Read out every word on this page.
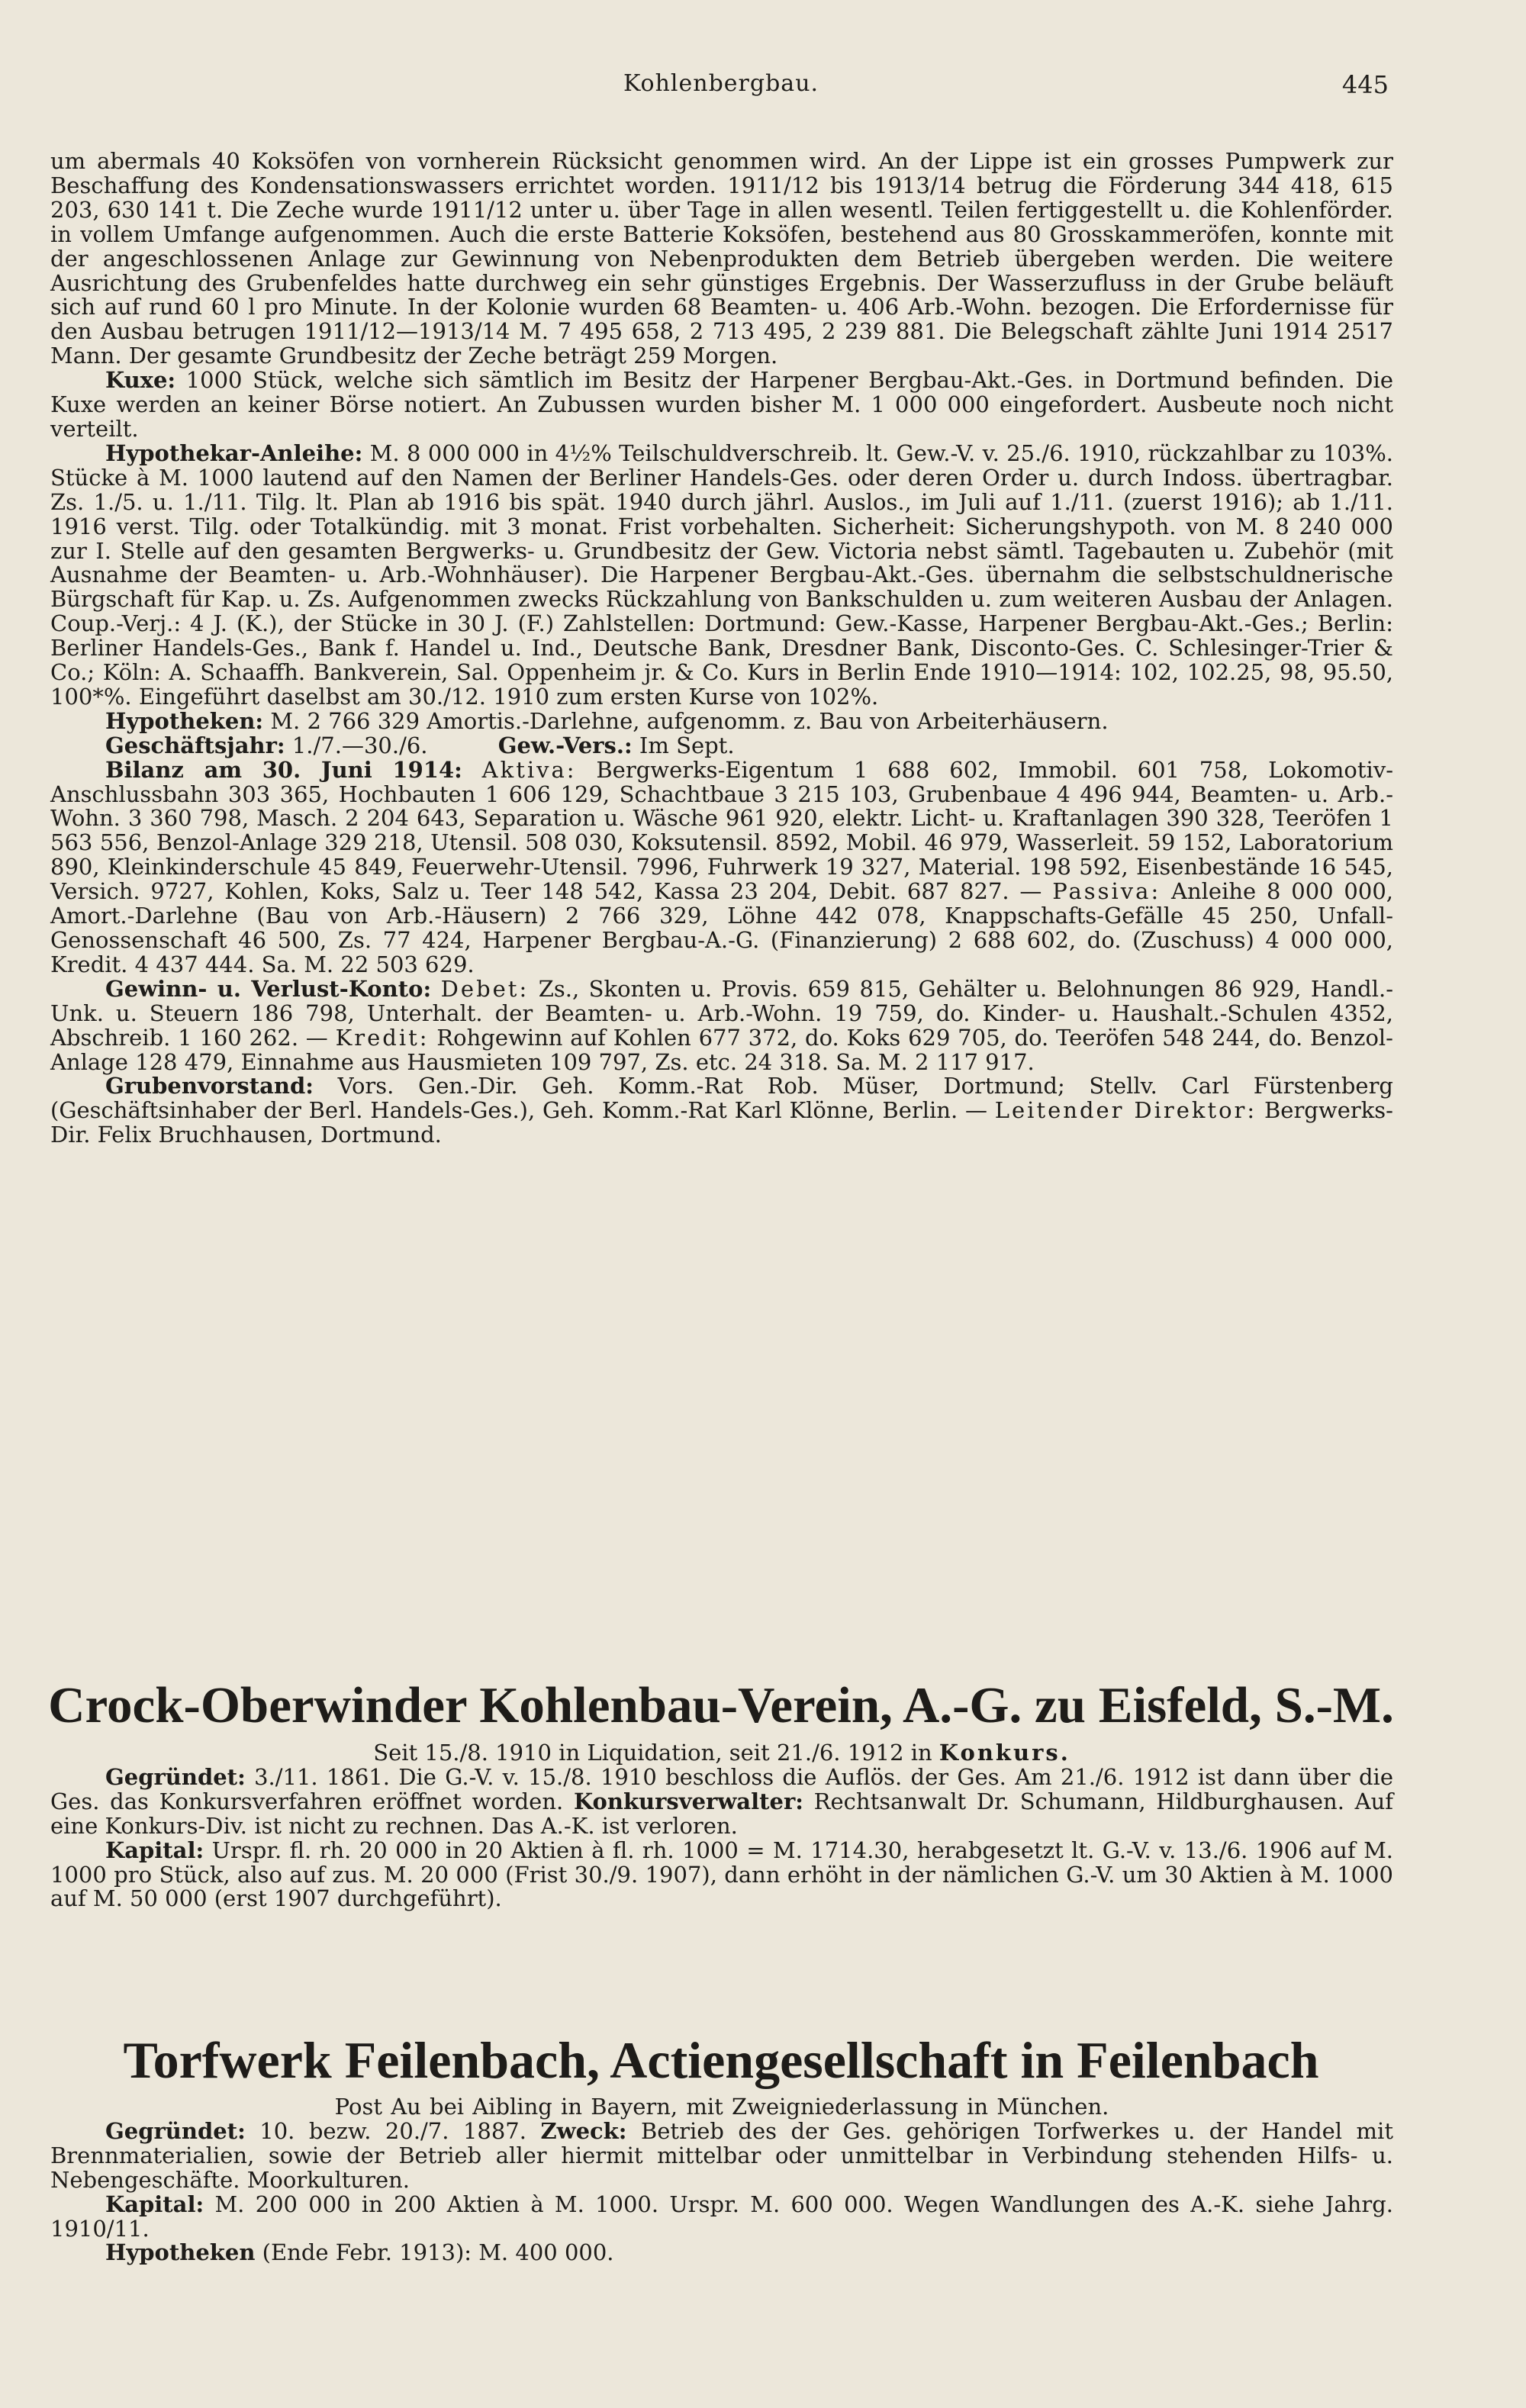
Kohlenbergbau.	445

um abermals 40 Koksöfen von vornherein Rücksicht genommen wird. An der Lippe ist ein grosses Pumpwerk zur Beschaffung des Kondensationswassers errichtet worden. 1911/12 bis 1913/14 betrug die Förderung 344 418, 615 203, 630 141 t. Die Zeche wurde 1911/12 unter u. über Tage in allen wesentl. Teilen fertiggestellt u. die Kohlenförder. in vollem Umfange aufgenommen. Auch die erste Batterie Koksöfen, bestehend aus 80 Grosskammeröfen, konnte mit der angeschlossenen Anlage zur Gewinnung von Nebenprodukten dem Betrieb übergeben werden. Die weitere Ausrichtung des Grubenfeldes hatte durchweg ein sehr günstiges Ergebnis. Der Wasserzufluss in der Grube beläuft sich auf rund 60 l pro Minute. In der Kolonie wurden 68 Beamten- u. 406 Arb.-Wohn. bezogen. Die Erfordernisse für den Ausbau betrugen 1911/12—1913/14 M. 7 495 658, 2 713 495, 2 239 881. Die Belegschaft zählte Juni 1914 2517 Mann. Der gesamte Grundbesitz der Zeche beträgt 259 Morgen.

Kuxe: 1000 Stück, welche sich sämtlich im Besitz der Harpener Bergbau-Akt.-Ges. in Dortmund befinden. Die Kuxe werden an keiner Börse notiert. An Zubussen wurden bisher M. 1 000 000 eingefordert. Ausbeute noch nicht verteilt.

Hypothekar-Anleihe: M. 8 000 000 in 4½% Teilschuldverschreib. lt. Gew.-V. v. 25./6. 1910, rückzahlbar zu 103%. Stücke à M. 1000 lautend auf den Namen der Berliner Handels-Ges. oder deren Order u. durch Indoss. übertragbar. Zs. 1./5. u. 1./11. Tilg. lt. Plan ab 1916 bis spät. 1940 durch jährl. Auslos., im Juli auf 1./11. (zuerst 1916); ab 1./11. 1916 verst. Tilg. oder Totalkündig. mit 3 monat. Frist vorbehalten. Sicherheit: Sicherungshypoth. von M. 8 240 000 zur I. Stelle auf den gesamten Bergwerks- u. Grundbesitz der Gew. Victoria nebst sämtl. Tagebauten u. Zubehör (mit Ausnahme der Beamten- u. Arb.-Wohnhäuser). Die Harpener Bergbau-Akt.-Ges. übernahm die selbstschuldnerische Bürgschaft für Kap. u. Zs. Aufgenommen zwecks Rückzahlung von Bankschulden u. zum weiteren Ausbau der Anlagen. Coup.-Verj.: 4 J. (K.), der Stücke in 30 J. (F.) Zahlstellen: Dortmund: Gew.-Kasse, Harpener Bergbau-Akt.-Ges.; Berlin: Berliner Handels-Ges., Bank f. Handel u. Ind., Deutsche Bank, Dresdner Bank, Disconto-Ges. C. Schlesinger-Trier & Co.; Köln: A. Schaaffh. Bankverein, Sal. Oppenheim jr. & Co. Kurs in Berlin Ende 1910—1914: 102, 102.25, 98, 95.50, 100*%. Eingeführt daselbst am 30./12. 1910 zum ersten Kurse von 102%.

Hypotheken: M. 2 766 329 Amortis.-Darlehne, aufgenomm. z. Bau von Arbeiterhäusern.

Geschäftsjahr: 1./7.—30./6.	Gew.-Vers.: Im Sept.

Bilanz am 30. Juni 1914: Aktiva: Bergwerks-Eigentum 1 688 602, Immobil. 601 758, Lokomotiv-Anschlussbahn 303 365, Hochbauten 1 606 129, Schachtbaue 3 215 103, Grubenbaue 4 496 944, Beamten- u. Arb.-Wohn. 3 360 798, Masch. 2 204 643, Separation u. Wäsche 961 920, elektr. Licht- u. Kraftanlagen 390 328, Teeröfen 1 563 556, Benzol-Anlage 329 218, Utensil. 508 030, Koksutensil. 8592, Mobil. 46 979, Wasserleit. 59 152, Laboratorium 890, Kleinkinderschule 45 849, Feuerwehr-Utensil. 7996, Fuhrwerk 19 327, Material. 198 592, Eisenbestände 16 545, Versich. 9727, Kohlen, Koks, Salz u. Teer 148 542, Kassa 23 204, Debit. 687 827. — Passiva: Anleihe 8 000 000, Amort.-Darlehne (Bau von Arb.-Häusern) 2 766 329, Löhne 442 078, Knappschafts-Gefälle 45 250, Unfall-Genossenschaft 46 500, Zs. 77 424, Harpener Bergbau-A.-G. (Finanzierung) 2 688 602, do. (Zuschuss) 4 000 000, Kredit. 4 437 444. Sa. M. 22 503 629.

Gewinn- u. Verlust-Konto: Debet: Zs., Skonten u. Provis. 659 815, Gehälter u. Belohnungen 86 929, Handl.-Unk. u. Steuern 186 798, Unterhalt. der Beamten- u. Arb.-Wohn. 19 759, do. Kinder- u. Haushalt.-Schulen 4352, Abschreib. 1 160 262. — Kredit: Rohgewinn auf Kohlen 677 372, do. Koks 629 705, do. Teeröfen 548 244, do. Benzol-Anlage 128 479, Einnahme aus Hausmieten 109 797, Zs. etc. 24 318. Sa. M. 2 117 917.

Grubenvorstand: Vors. Gen.-Dir. Geh. Komm.-Rat Rob. Müser, Dortmund; Stellv. Carl Fürstenberg (Geschäftsinhaber der Berl. Handels-Ges.), Geh. Komm.-Rat Karl Klönne, Berlin. — Leitender Direktor: Bergwerks-Dir. Felix Bruchhausen, Dortmund.

Crock-Oberwinder Kohlenbau-Verein, A.-G. zu Eisfeld, S.-M.

Seit 15./8. 1910 in Liquidation, seit 21./6. 1912 in Konkurs.

Gegründet: 3./11. 1861. Die G.-V. v. 15./8. 1910 beschloss die Auflös. der Ges. Am 21./6. 1912 ist dann über die Ges. das Konkursverfahren eröffnet worden. Konkursverwalter: Rechtsanwalt Dr. Schumann, Hildburghausen. Auf eine Konkurs-Div. ist nicht zu rechnen. Das A.-K. ist verloren.

Kapital: Urspr. fl. rh. 20 000 in 20 Aktien à fl. rh. 1000 = M. 1714.30, herabgesetzt lt. G.-V. v. 13./6. 1906 auf M. 1000 pro Stück, also auf zus. M. 20 000 (Frist 30./9. 1907), dann erhöht in der nämlichen G.-V. um 30 Aktien à M. 1000 auf M. 50 000 (erst 1907 durchgeführt).

Torfwerk Feilenbach, Actiengesellschaft in Feilenbach

Post Au bei Aibling in Bayern, mit Zweigniederlassung in München.

Gegründet: 10. bezw. 20./7. 1887. Zweck: Betrieb des der Ges. gehörigen Torfwerkes u. der Handel mit Brennmaterialien, sowie der Betrieb aller hiermit mittelbar oder unmittelbar in Verbindung stehenden Hilfs- u. Nebengeschäfte. Moorkulturen.

Kapital: M. 200 000 in 200 Aktien à M. 1000. Urspr. M. 600 000. Wegen Wandlungen des A.-K. siehe Jahrg. 1910/11.

Hypotheken (Ende Febr. 1913): M. 400 000.
